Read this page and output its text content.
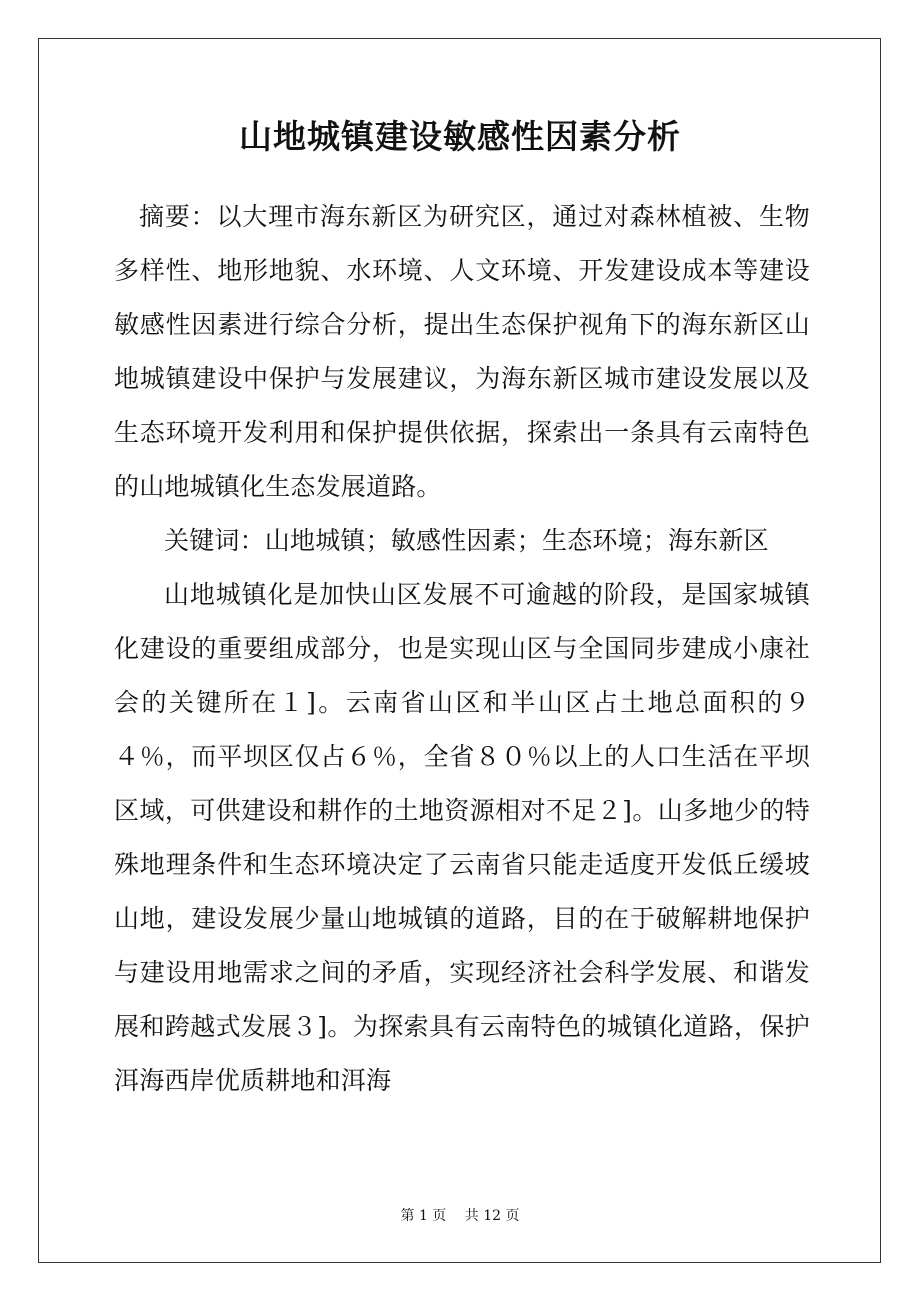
山地城镇建设敏感性因素分析

摘要：以大理市海东新区为研究区，通过对森林植被、生物多样性、地形地貌、水环境、人文环境、开发建设成本等建设敏感性因素进行综合分析，提出生态保护视角下的海东新区山地城镇建设中保护与发展建议，为海东新区城市建设发展以及生态环境开发利用和保护提供依据，探索出一条具有云南特色的山地城镇化生态发展道路。

关键词：山地城镇；敏感性因素；生态环境；海东新区

山地城镇化是加快山区发展不可逾越的阶段，是国家城镇化建设的重要组成部分，也是实现山区与全国同步建成小康社会的关键所在１]。云南省山区和半山区占土地总面积的９４％，而平坝区仅占６％，全省８０％以上的人口生活在平坝区域，可供建设和耕作的土地资源相对不足２]。山多地少的特殊地理条件和生态环境决定了云南省只能走适度开发低丘缓坡山地，建设发展少量山地城镇的道路，目的在于破解耕地保护与建设用地需求之间的矛盾，实现经济社会科学发展、和谐发展和跨越式发展３]。为探索具有云南特色的城镇化道路，保护洱海西岸优质耕地和洱海

第 1 页 共 12 页
